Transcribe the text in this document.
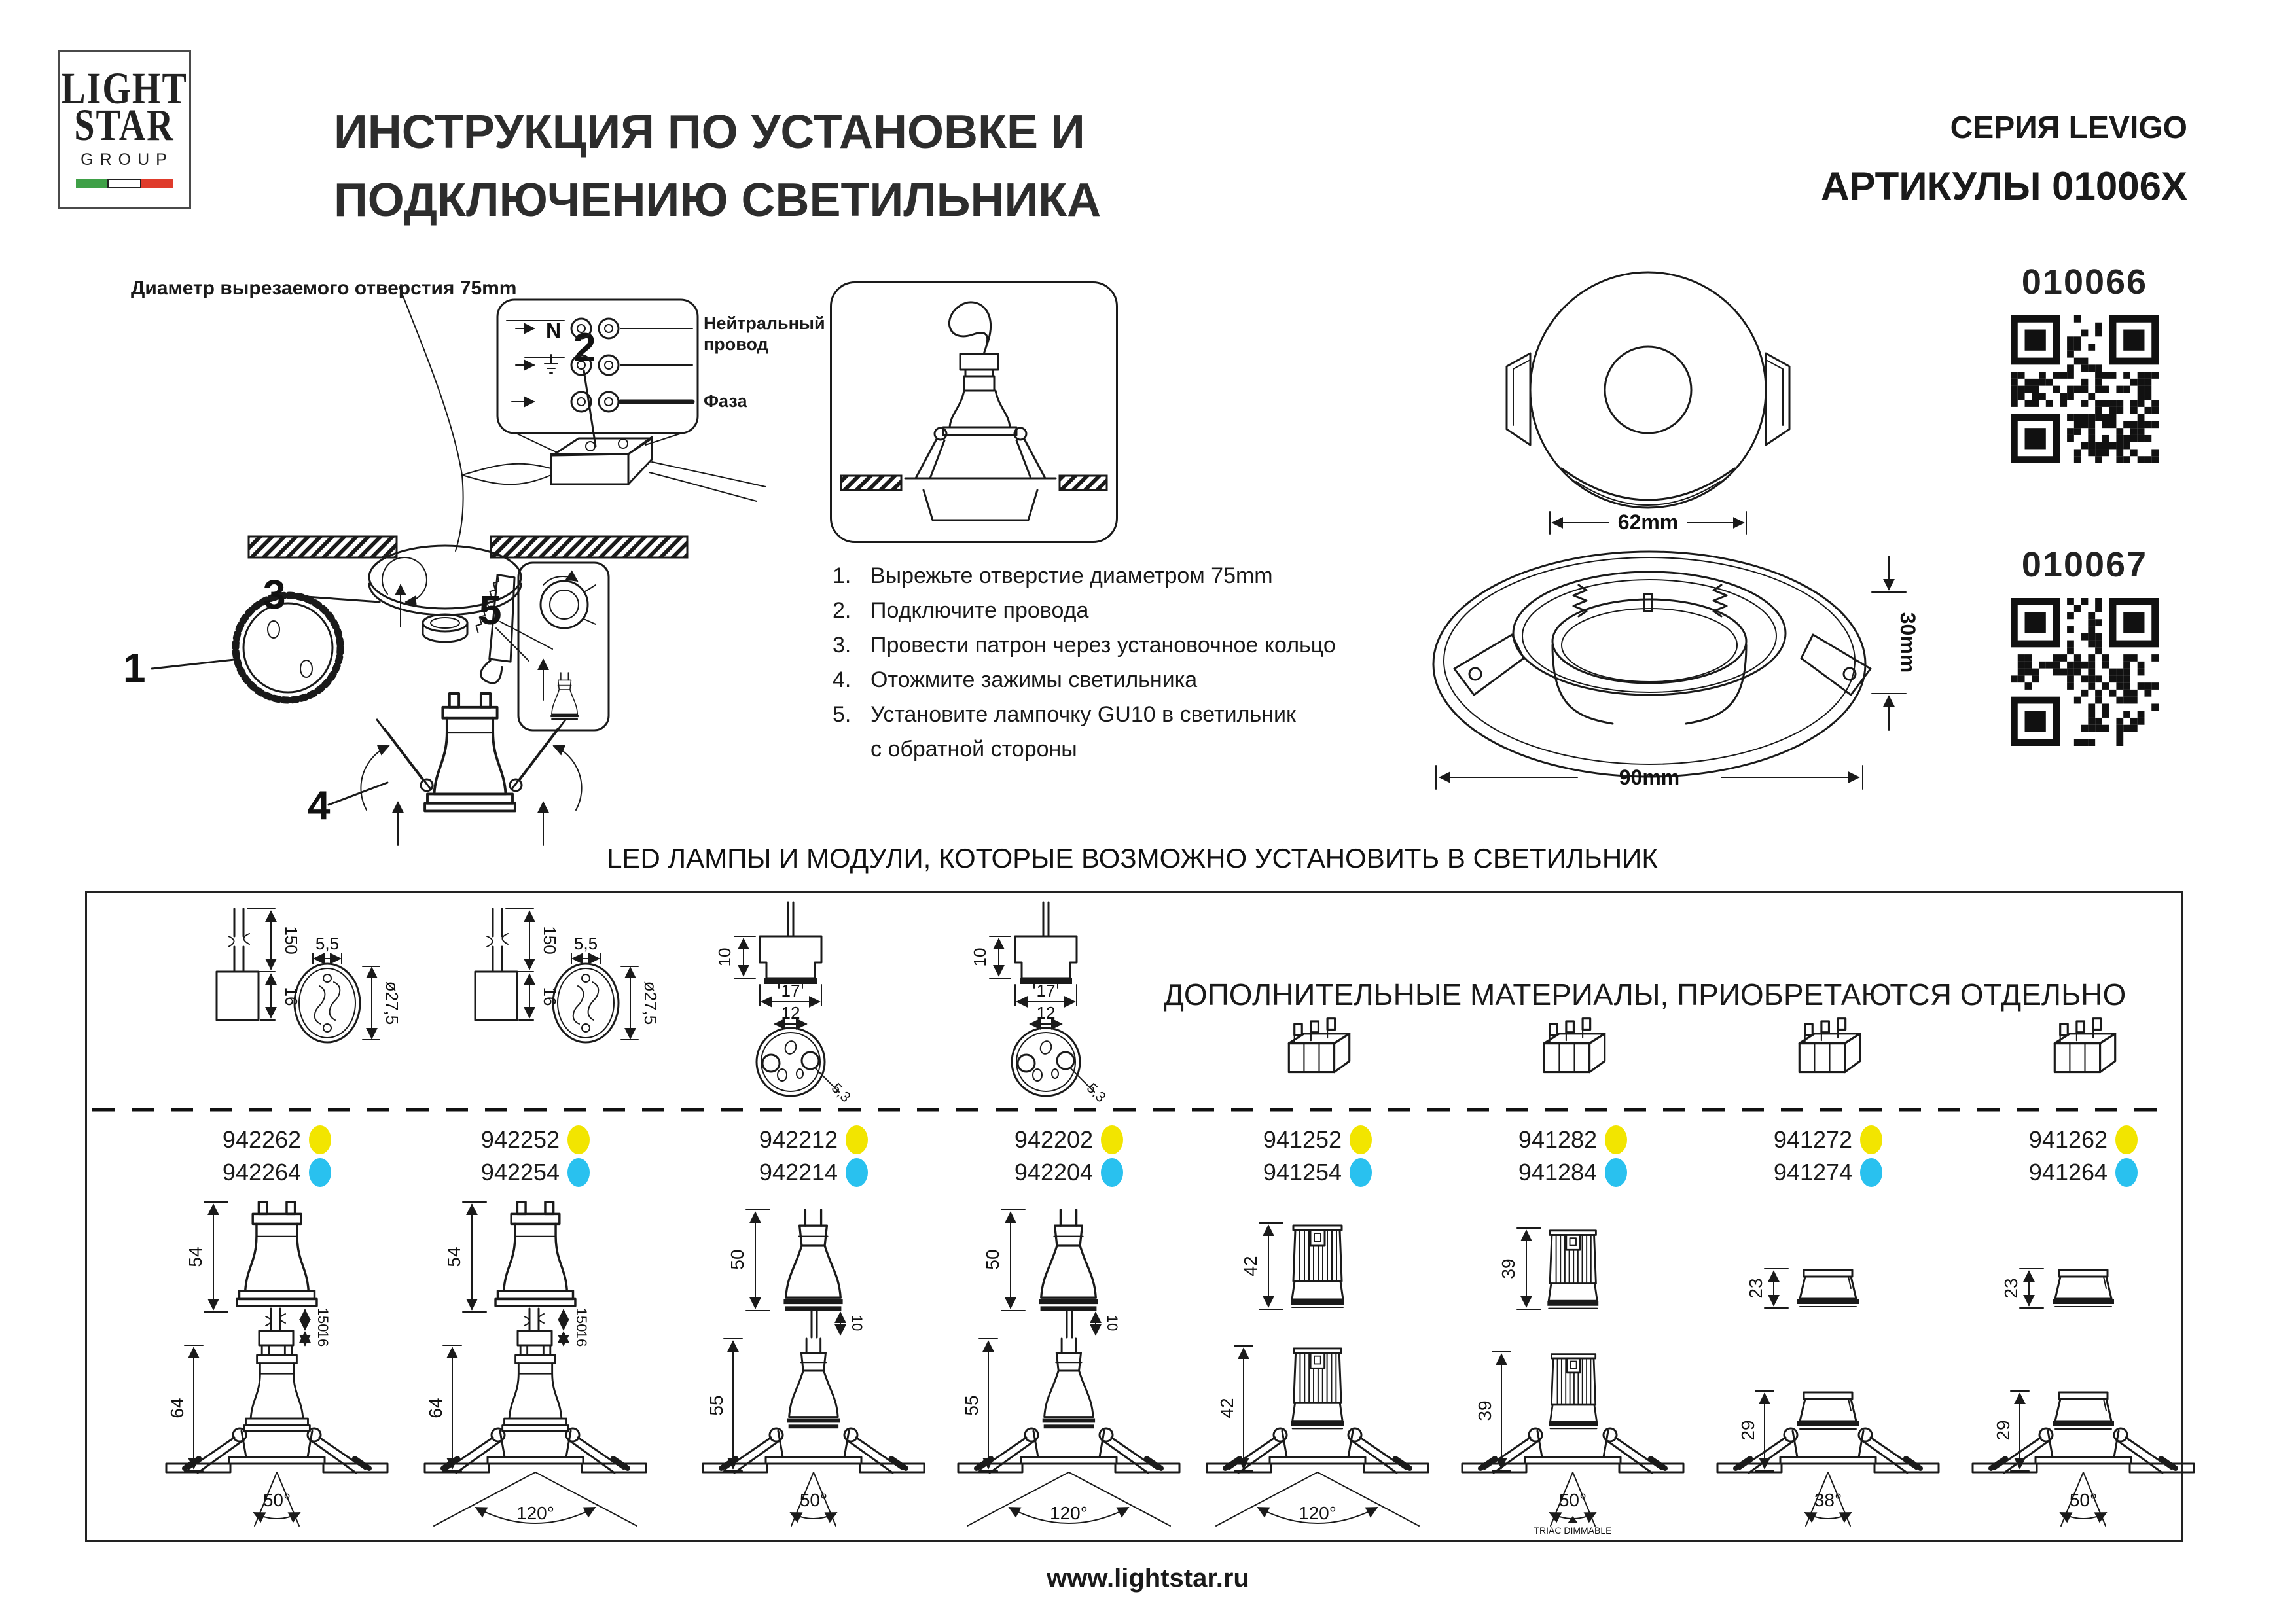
LIGHT
STAR
GROUP
ИНСТРУКЦИЯ ПО УСТАНОВКЕ И
ПОДКЛЮЧЕНИЮ СВЕТИЛЬНИКА
СЕРИЯ LEVIGO
АРТИКУЛЫ 01006X
Диаметр вырезаемого отверстия 75mm
1
2
N
3	5
4
Нейтральный провод
Фаза
1. Вырежьте отверстие диаметром 75mm
2. Подключите провода
3. Провести патрон через установочное кольцо
4. Отожмите зажимы светильника
5. Установите лампочку GU10 в светильник
с обратной стороны
62mm
90mm
30mm
010066
010067
LED ЛАМПЫ И МОДУЛИ, КОТОРЫЕ ВОЗМОЖНО УСТАНОВИТЬ В СВЕТИЛЬНИК
ДОПОЛНИТЕЛЬНЫЕ МАТЕРИАЛЫ, ПРИОБРЕТАЮТСЯ ОТДЕЛЬНО
150
16
5,5
ø27,5
942262
942264
54
64
150
16
50°
150
16
5,5
ø27,5
942252
942254
54
64
150
16
120°
10
17
12
5,3
942212
942214
50
10
55
50°
10
17
12
5,3
942202
942204
50
10
55
120°
941252
941254
42
42
120°
941282
941284
39
39
50°
TRIAC DIMMABLE
941272
941274
23
29
38°
941262
941264
23
29
50°
www.lightstar.ru
